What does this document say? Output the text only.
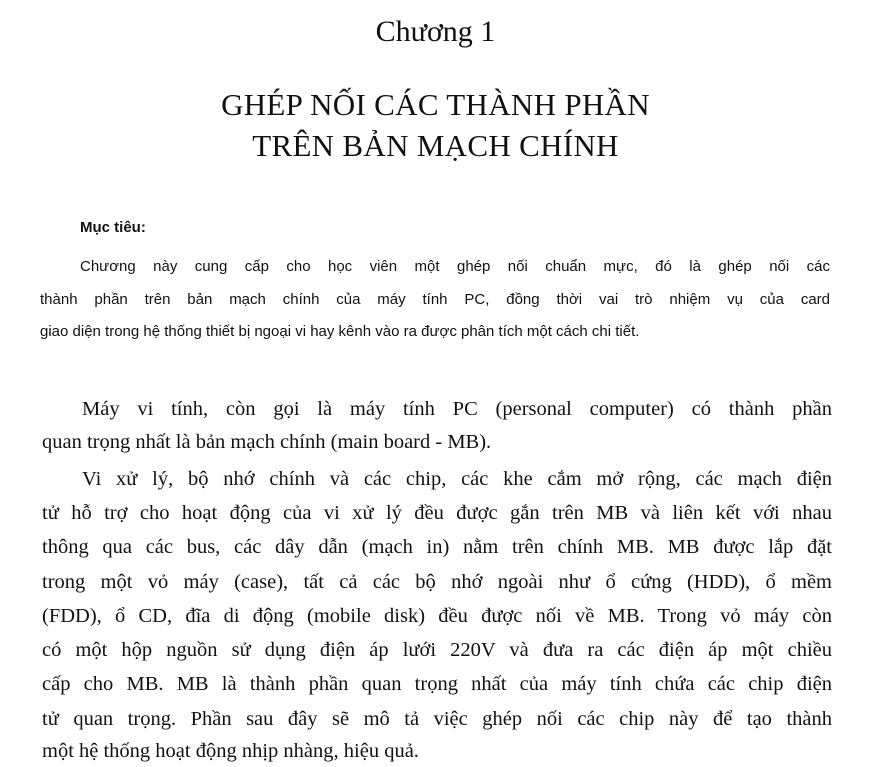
Chương 1
GHÉP NỐI CÁC THÀNH PHẦN
TRÊN BẢN MẠCH CHÍNH
Mục tiêu:
Chương này cung cấp cho học viên một ghép nối chuẩn mực, đó là ghép nối các
thành phần trên bản mạch chính của máy tính PC, đồng thời vai trò nhiệm vụ của card
giao diện trong hệ thống thiết bị ngoại vi hay kênh vào ra được phân tích một cách chi tiết.
Máy vi tính, còn gọi là máy tính PC (personal computer) có thành phần
quan trọng nhất là bản mạch chính (main board - MB).
Vi xử lý, bộ nhớ chính và các chip, các khe cắm mở rộng, các mạch điện
tử hỗ trợ cho hoạt động của vi xử lý đều được gắn trên MB và liên kết với nhau
thông qua các bus, các dây dẫn (mạch in) nằm trên chính MB. MB được lắp đặt
trong một vỏ máy (case), tất cả các bộ nhớ ngoài như ổ cứng (HDD), ổ mềm
(FDD), ổ CD, đĩa di động (mobile disk) đều được nối về MB. Trong vỏ máy còn
có một hộp nguồn sử dụng điện áp lưới 220V và đưa ra các điện áp một chiều
cấp cho MB. MB là thành phần quan trọng nhất của máy tính chứa các chip điện
tử quan trọng. Phần sau đây sẽ mô tả việc ghép nối các chip này để tạo thành
một hệ thống hoạt động nhịp nhàng, hiệu quả.
